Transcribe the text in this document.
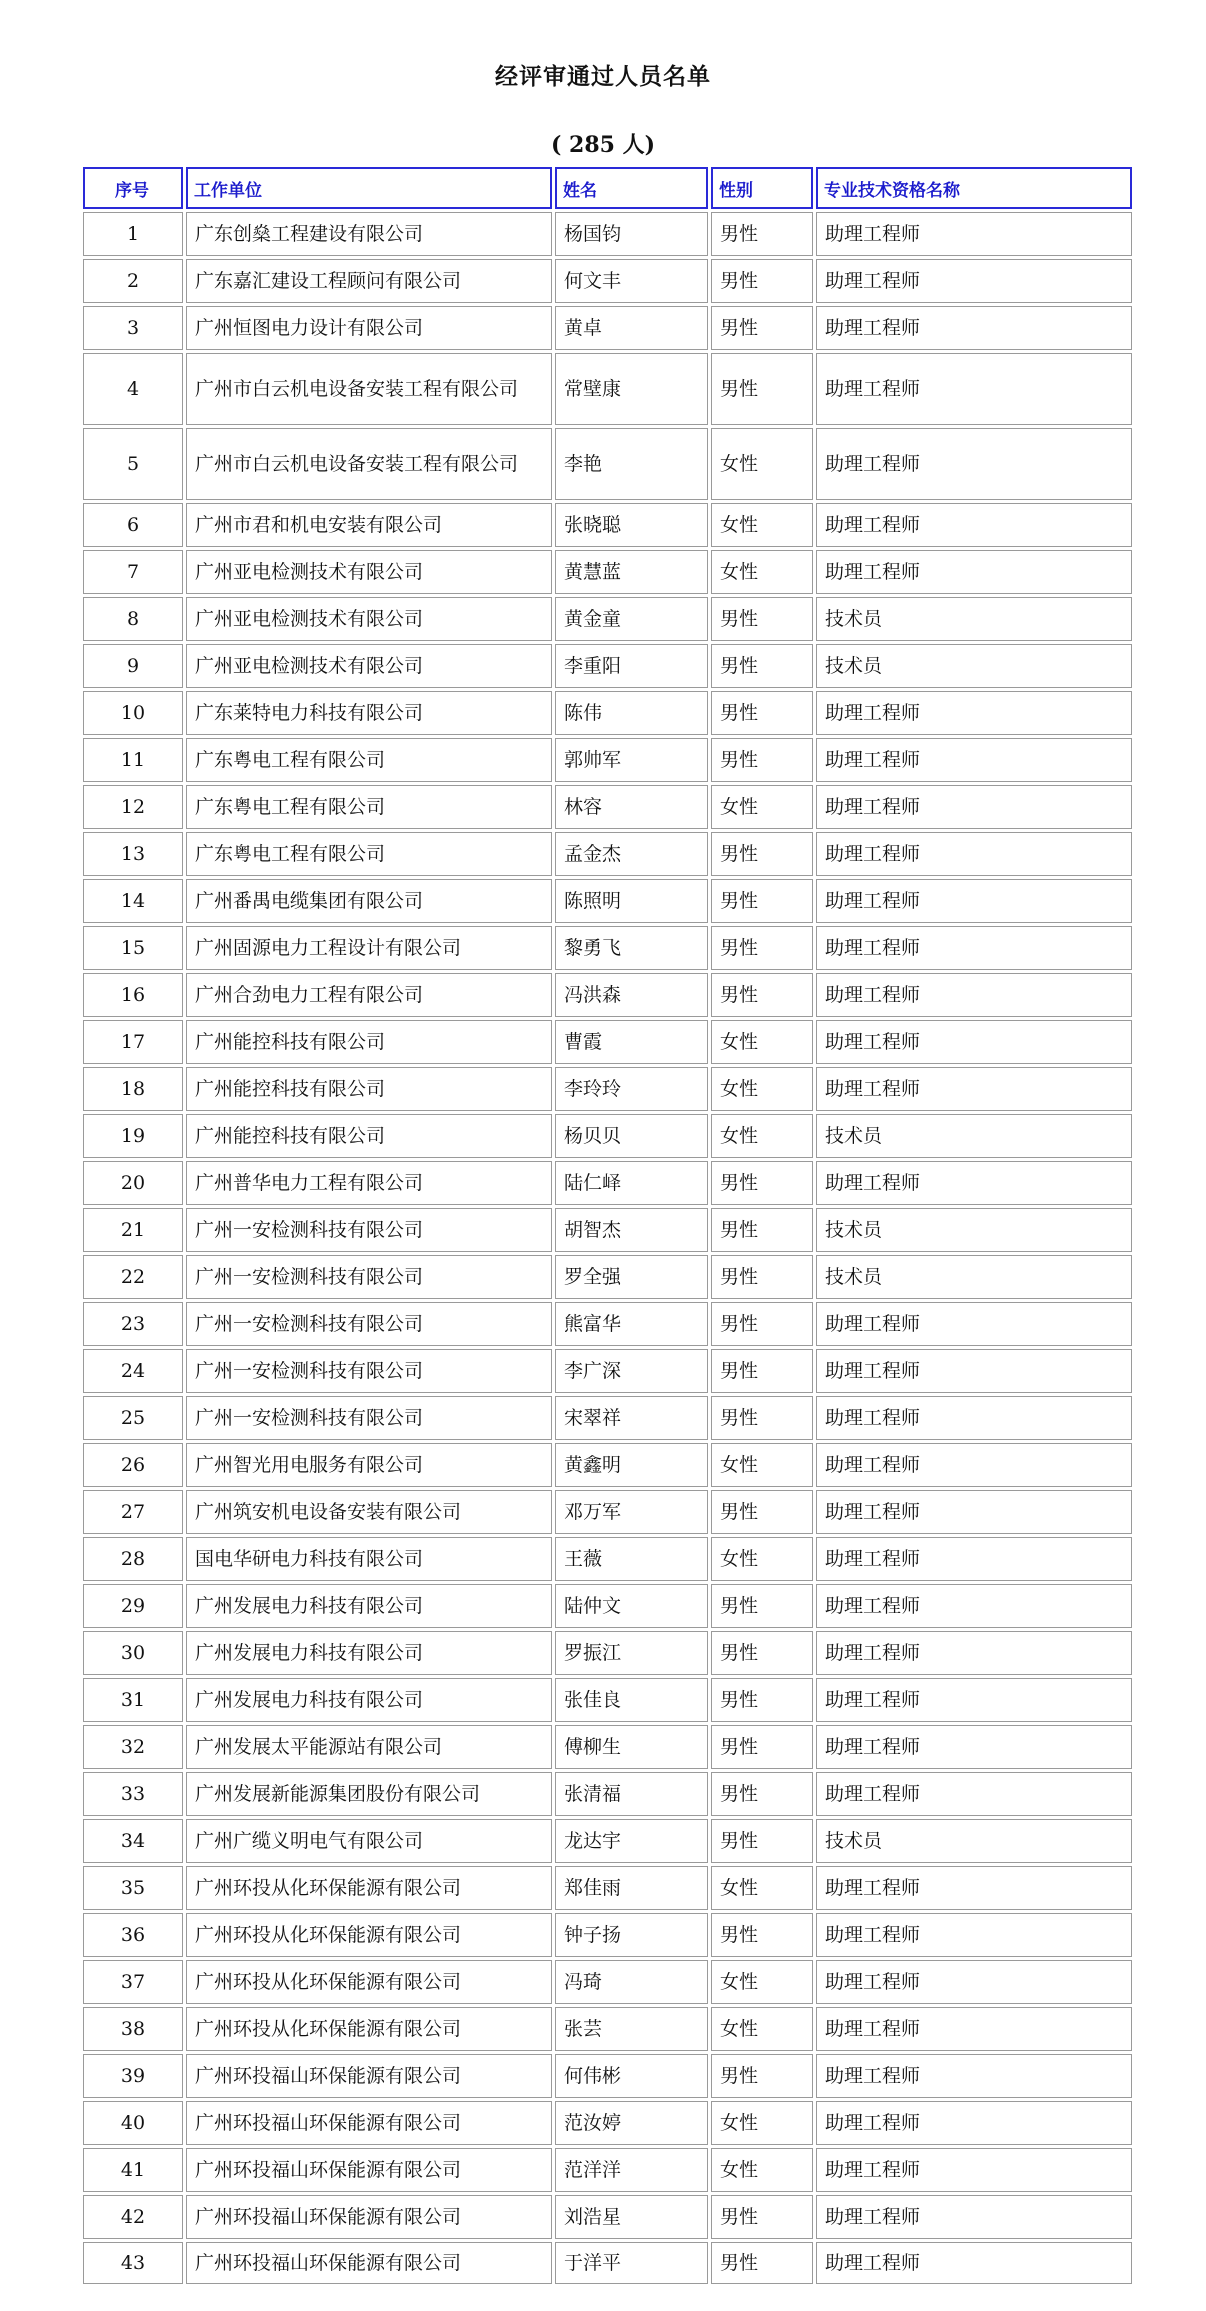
经评审通过人员名单
( 285 人)
序号	工作单位	姓名	性别	专业技术资格名称
1	广东创燊工程建设有限公司	杨国钧	男性	助理工程师
2	广东嘉汇建设工程顾问有限公司	何文丰	男性	助理工程师
3	广州恒图电力设计有限公司	黄卓	男性	助理工程师
4	广州市白云机电设备安装工程有限公司	常壁康	男性	助理工程师
5	广州市白云机电设备安装工程有限公司	李艳	女性	助理工程师
6	广州市君和机电安装有限公司	张晓聪	女性	助理工程师
7	广州亚电检测技术有限公司	黄慧蓝	女性	助理工程师
8	广州亚电检测技术有限公司	黄金童	男性	技术员
9	广州亚电检测技术有限公司	李重阳	男性	技术员
10	广东莱特电力科技有限公司	陈伟	男性	助理工程师
11	广东粤电工程有限公司	郭帅军	男性	助理工程师
12	广东粤电工程有限公司	林容	女性	助理工程师
13	广东粤电工程有限公司	孟金杰	男性	助理工程师
14	广州番禺电缆集团有限公司	陈照明	男性	助理工程师
15	广州固源电力工程设计有限公司	黎勇飞	男性	助理工程师
16	广州合劲电力工程有限公司	冯洪森	男性	助理工程师
17	广州能控科技有限公司	曹霞	女性	助理工程师
18	广州能控科技有限公司	李玲玲	女性	助理工程师
19	广州能控科技有限公司	杨贝贝	女性	技术员
20	广州普华电力工程有限公司	陆仁峄	男性	助理工程师
21	广州一安检测科技有限公司	胡智杰	男性	技术员
22	广州一安检测科技有限公司	罗全强	男性	技术员
23	广州一安检测科技有限公司	熊富华	男性	助理工程师
24	广州一安检测科技有限公司	李广深	男性	助理工程师
25	广州一安检测科技有限公司	宋翠祥	男性	助理工程师
26	广州智光用电服务有限公司	黄鑫明	女性	助理工程师
27	广州筑安机电设备安装有限公司	邓万军	男性	助理工程师
28	国电华研电力科技有限公司	王薇	女性	助理工程师
29	广州发展电力科技有限公司	陆仲文	男性	助理工程师
30	广州发展电力科技有限公司	罗振江	男性	助理工程师
31	广州发展电力科技有限公司	张佳良	男性	助理工程师
32	广州发展太平能源站有限公司	傅柳生	男性	助理工程师
33	广州发展新能源集团股份有限公司	张清福	男性	助理工程师
34	广州广缆义明电气有限公司	龙达宇	男性	技术员
35	广州环投从化环保能源有限公司	郑佳雨	女性	助理工程师
36	广州环投从化环保能源有限公司	钟子扬	男性	助理工程师
37	广州环投从化环保能源有限公司	冯琦	女性	助理工程师
38	广州环投从化环保能源有限公司	张芸	女性	助理工程师
39	广州环投福山环保能源有限公司	何伟彬	男性	助理工程师
40	广州环投福山环保能源有限公司	范汝婷	女性	助理工程师
41	广州环投福山环保能源有限公司	范洋洋	女性	助理工程师
42	广州环投福山环保能源有限公司	刘浩星	男性	助理工程师
43	广州环投福山环保能源有限公司	于洋平	男性	助理工程师
